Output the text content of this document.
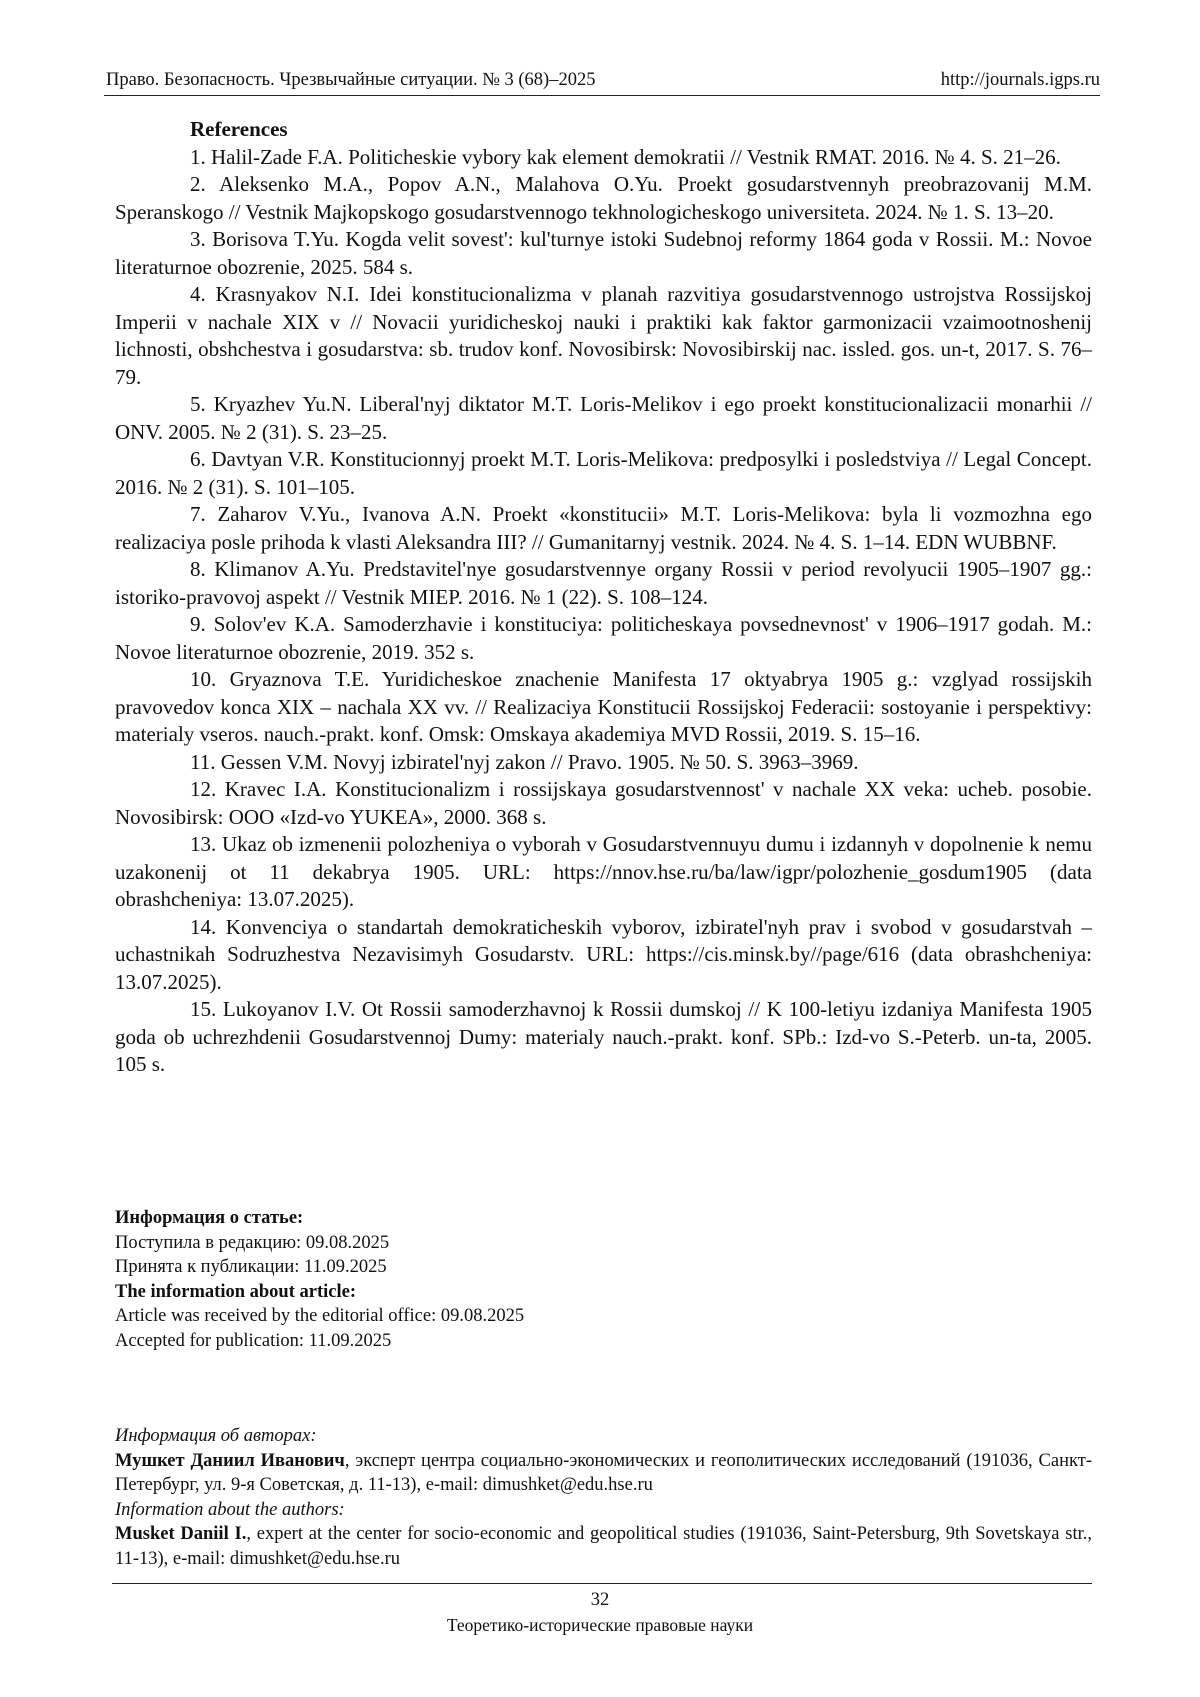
Право. Безопасность. Чрезвычайные ситуации. № 3 (68)–2025	http://journals.igps.ru

References

1. Halil-Zade F.A. Politicheskie vybory kak element demokratii // Vestnik RMAT. 2016. № 4. S. 21–26.

2. Aleksenko M.A., Popov A.N., Malahova O.Yu. Proekt gosudarstvennyh preobrazovanij M.M. Speranskogo // Vestnik Majkopskogo gosudarstvennogo tekhnologicheskogo universiteta. 2024. № 1. S. 13–20.

3. Borisova T.Yu. Kogda velit sovest': kul'turnye istoki Sudebnoj reformy 1864 goda v Rossii. M.: Novoe literaturnoe obozrenie, 2025. 584 s.

4. Krasnyakov N.I. Idei konstitucionalizma v planah razvitiya gosudarstvennogo ustrojstva Rossijskoj Imperii v nachale XIX v // Novacii yuridicheskoj nauki i praktiki kak faktor garmonizacii vzaimootnoshenij lichnosti, obshchestva i gosudarstva: sb. trudov konf. Novosibirsk: Novosibirskij nac. issled. gos. un-t, 2017. S. 76–79.

5. Kryazhev Yu.N. Liberal'nyj diktator M.T. Loris-Melikov i ego proekt konstitucionalizacii monarhii // ONV. 2005. № 2 (31). S. 23–25.

6. Davtyan V.R. Konstitucionnyj proekt M.T. Loris-Melikova: predposylki i posledstviya // Legal Concept. 2016. № 2 (31). S. 101–105.

7. Zaharov V.Yu., Ivanova A.N. Proekt «konstitucii» M.T. Loris-Melikova: byla li vozmozhna ego realizaciya posle prihoda k vlasti Aleksandra III? // Gumanitarnyj vestnik. 2024. № 4. S. 1–14. EDN WUBBNF.

8. Klimanov A.Yu. Predstavitel'nye gosudarstvennye organy Rossii v period revolyucii 1905–1907 gg.: istoriko-pravovoj aspekt // Vestnik MIEP. 2016. № 1 (22). S. 108–124.

9. Solov'ev K.A. Samoderzhavie i konstituciya: politicheskaya povsednevnost' v 1906–1917 godah. M.: Novoe literaturnoe obozrenie, 2019. 352 s.

10. Gryaznova T.E. Yuridicheskoe znachenie Manifesta 17 oktyabrya 1905 g.: vzglyad rossijskih pravovedov konca XIX – nachala XX vv. // Realizaciya Konstitucii Rossijskoj Federacii: sostoyanie i perspektivy: materialy vseros. nauch.-prakt. konf. Omsk: Omskaya akademiya MVD Rossii, 2019. S. 15–16.

11. Gessen V.M. Novyj izbiratel'nyj zakon // Pravo. 1905. № 50. S. 3963–3969.

12. Kravec I.A. Konstitucionalizm i rossijskaya gosudarstvennost' v nachale XX veka: ucheb. posobie. Novosibirsk: OOO «Izd-vo YUKEA», 2000. 368 s.

13. Ukaz ob izmenenii polozheniya o vyborah v Gosudarstvennuyu dumu i izdannyh v dopolnenie k nemu uzakonenij ot 11 dekabrya 1905. URL: https://nnov.hse.ru/ba/law/igpr/polozhenie_gosdum1905 (data obrashcheniya: 13.07.2025).

14. Konvenciya o standartah demokraticheskih vyborov, izbiratel'nyh prav i svobod v gosudarstvah – uchastnikah Sodruzhestva Nezavisimyh Gosudarstv. URL: https://cis.minsk.by//page/616 (data obrashcheniya: 13.07.2025).

15. Lukoyanov I.V. Ot Rossii samoderzhavnoj k Rossii dumskoj // K 100-letiyu izdaniya Manifesta 1905 goda ob uchrezhdenii Gosudarstvennoj Dumy: materialy nauch.-prakt. konf. SPb.: Izd-vo S.-Peterb. un-ta, 2005. 105 s.

Информация о статье:

Поступила в редакцию: 09.08.2025

Принята к публикации: 11.09.2025

The information about article:

Article was received by the editorial office: 09.08.2025

Accepted for publication: 11.09.2025

Информация об авторах:

Мушкет Даниил Иванович, эксперт центра социально-экономических и геополитических исследований (191036, Санкт-Петербург, ул. 9-я Советская, д. 11-13), e-mail: dimushket@edu.hse.ru

Information about the authors:

Musket Daniil I., expert at the center for socio-economic and geopolitical studies (191036, Saint-Petersburg, 9th Sovetskaya str., 11-13), e-mail: dimushket@edu.hse.ru

32
Теоретико-исторические правовые науки
